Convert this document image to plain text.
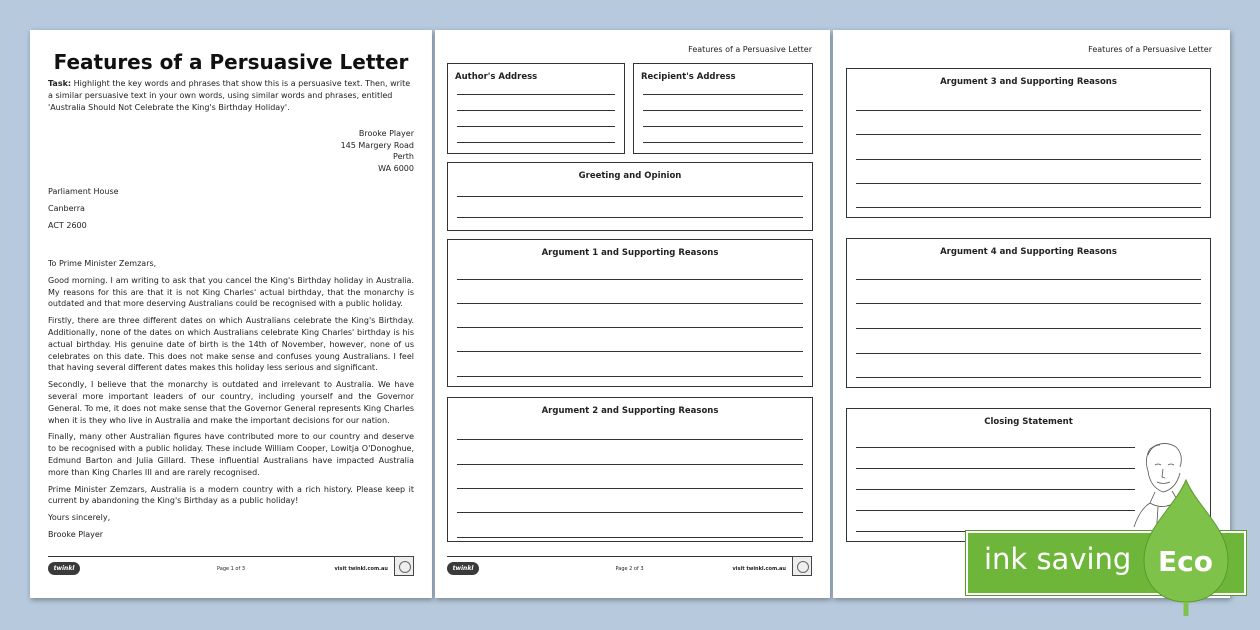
Features of a Persuasive Letter
Task: Highlight the key words and phrases that show this is a persuasive text. Then, write a similar persuasive text in your own words, using similar words and phrases, entitled 'Australia Should Not Celebrate the King's Birthday Holiday'.
Brooke Player
145 Margery Road
Perth
WA 6000
Parliament House
Canberra
ACT 2600

To Prime Minister Zemzars,

Good morning. I am writing to ask that you cancel the King's Birthday holiday in Australia. My reasons for this are that it is not King Charles' actual birthday, that the monarchy is outdated and that more deserving Australians could be recognised with a public holiday.

Firstly, there are three different dates on which Australians celebrate the King's Birthday. Additionally, none of the dates on which Australians celebrate King Charles' birthday is his actual birthday. His genuine date of birth is the 14th of November, however, none of us celebrates on this date. This does not make sense and confuses young Australians. I feel that having several different dates makes this holiday less serious and significant.

Secondly, I believe that the monarchy is outdated and irrelevant to Australia. We have several more important leaders of our country, including yourself and the Governor General. To me, it does not make sense that the Governor General represents King Charles when it is they who live in Australia and make the important decisions for our nation.

Finally, many other Australian figures have contributed more to our country and deserve to be recognised with a public holiday. These include William Cooper, Lowitja O'Donoghue, Edmund Barton and Julia Gillard. These influential Australians have impacted Australia more than King Charles III and are rarely recognised.

Prime Minister Zemzars, Australia is a modern country with a rich history. Please keep it current by abandoning the King's Birthday as a public holiday!

Yours sincerely,

Brooke Player

twinkl	Page 1 of 3	visit twinkl.com.au
Features of a Persuasive Letter
Author's Address	Recipient's Address
Greeting and Opinion
Argument 1 and Supporting Reasons
Argument 2 and Supporting Reasons
twinkl	Page 2 of 3	visit twinkl.com.au
Features of a Persuasive Letter
Argument 3 and Supporting Reasons
Argument 4 and Supporting Reasons
Closing Statement
ink saving Eco
